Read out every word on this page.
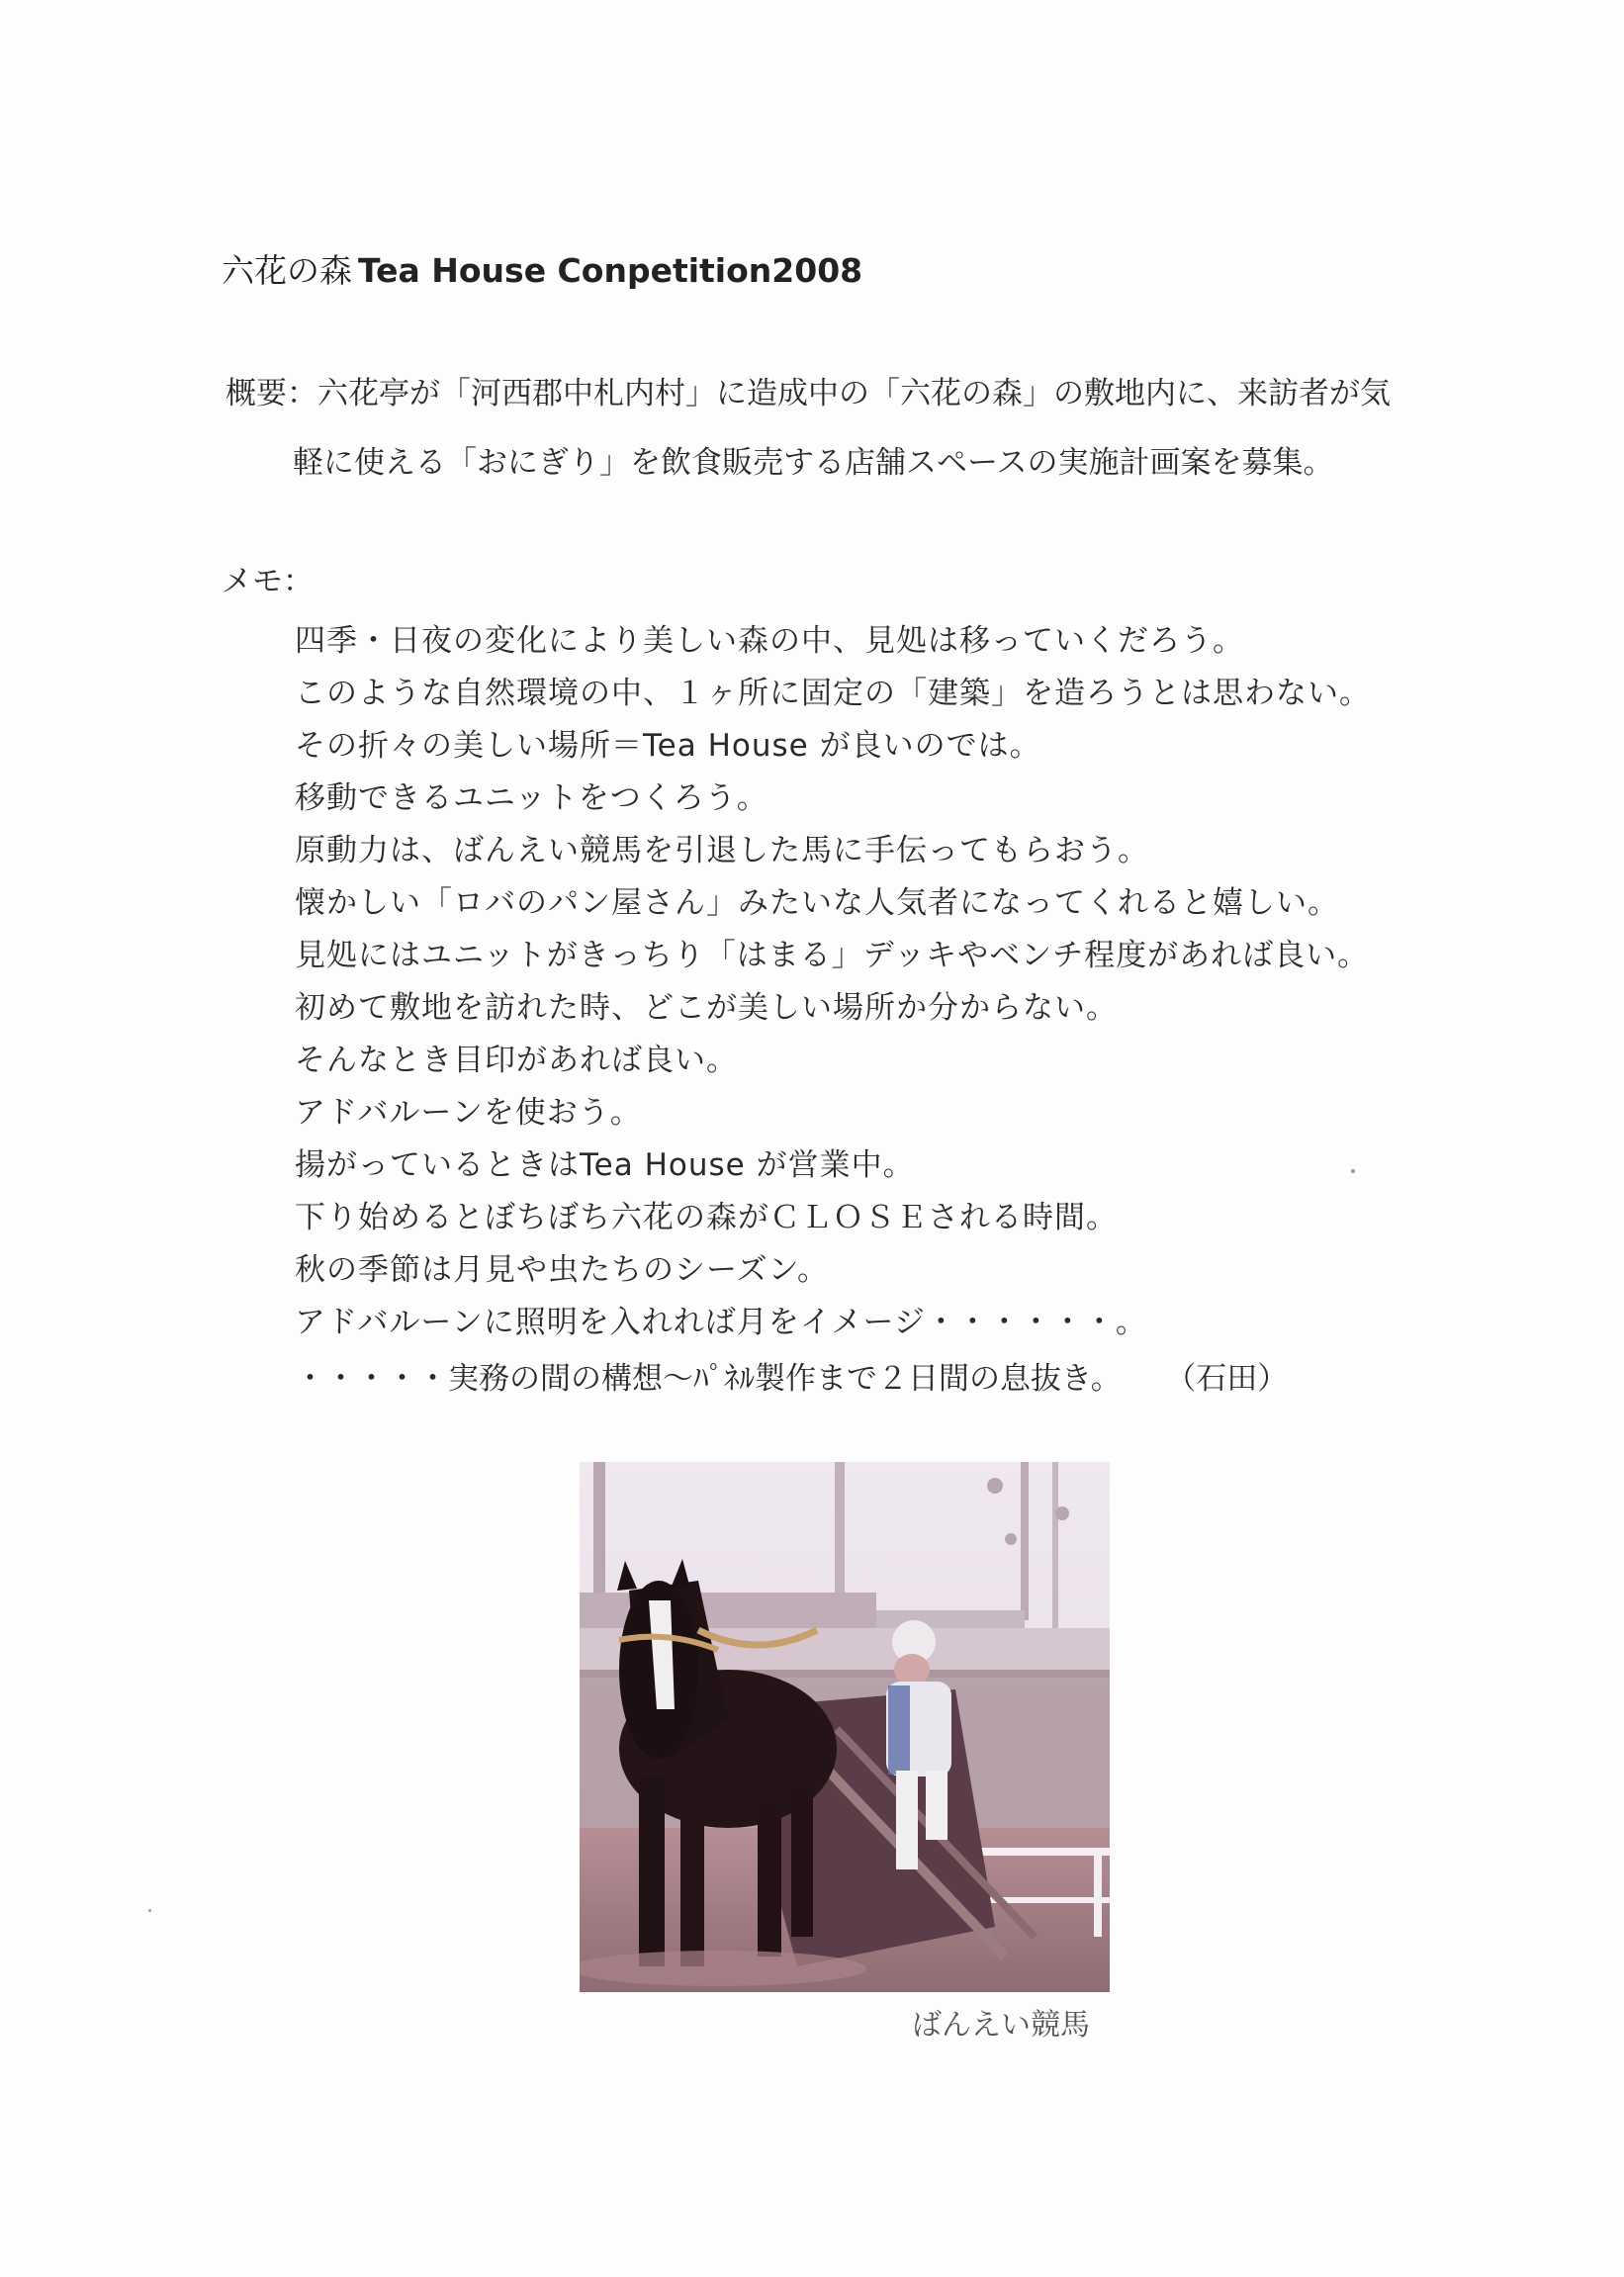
六花の森 Tea House Conpetition2008
概要：六花亭が「河西郡中札内村」に造成中の「六花の森」の敷地内に、来訪者が気
軽に使える「おにぎり」を飲食販売する店舗スペースの実施計画案を募集。
メモ：
四季・日夜の変化により美しい森の中、見処は移っていくだろう。
このような自然環境の中、１ヶ所に固定の「建築」を造ろうとは思わない。
その折々の美しい場所＝Tea House が良いのでは。
移動できるユニットをつくろう。
原動力は、ばんえい競馬を引退した馬に手伝ってもらおう。
懐かしい「ロバのパン屋さん」みたいな人気者になってくれると嬉しい。
見処にはユニットがきっちり「はまる」デッキやベンチ程度があれば良い。
初めて敷地を訪れた時、どこが美しい場所か分からない。
そんなとき目印があれば良い。
アドバルーンを使おう。
揚がっているときはTea House が営業中。
下り始めるとぼちぼち六花の森がＣＬＯＳＥされる時間。
秋の季節は月見や虫たちのシーズン。
アドバルーンに照明を入れれば月をイメージ・・・・・・。
・・・・・実務の間の構想～ﾊﾟﾈﾙ製作まで２日間の息抜き。 （石田）
ばんえい競馬
